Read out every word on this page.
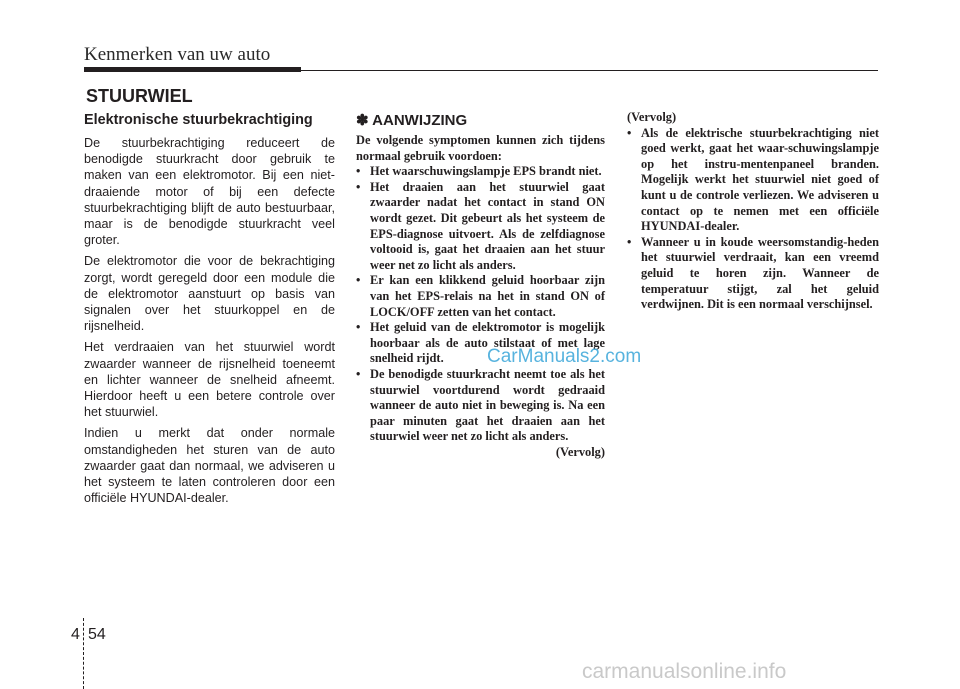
Kenmerken van uw auto
STUURWIEL
Elektronische stuurbekrachtiging

De stuurbekrachtiging reduceert de benodigde stuurkracht door gebruik te maken van een elektromotor. Bij een niet-draaiende motor of bij een defecte stuurbekrachtiging blijft de auto bestuurbaar, maar is de benodigde stuurkracht veel groter.

De elektromotor die voor de bekrachtiging zorgt, wordt geregeld door een module die de elektromotor aanstuurt op basis van signalen over het stuurkoppel en de rijsnelheid.

Het verdraaien van het stuurwiel wordt zwaarder wanneer de rijsnelheid toeneemt en lichter wanneer de snelheid afneemt. Hierdoor heeft u een betere controle over het stuurwiel.

Indien u merkt dat onder normale omstandigheden het sturen van de auto zwaarder gaat dan normaal, we adviseren u het systeem te laten controleren door een officiële HYUNDAI-dealer.

✽ AANWIJZING

De volgende symptomen kunnen zich tijdens normaal gebruik voordoen:

• Het waarschuwingslampje EPS brandt niet.
• Het draaien aan het stuurwiel gaat zwaarder nadat het contact in stand ON wordt gezet. Dit gebeurt als het systeem de EPS-diagnose uitvoert. Als de zelfdiagnose voltooid is, gaat het draaien aan het stuur weer net zo licht als anders.
• Er kan een klikkend geluid hoorbaar zijn van het EPS-relais na het in stand ON of LOCK/OFF zetten van het contact.
• Het geluid van de elektromotor is mogelijk hoorbaar als de auto stilstaat of met lage snelheid rijdt.
• De benodigde stuurkracht neemt toe als het stuurwiel voortdurend wordt gedraaid wanneer de auto niet in beweging is. Na een paar minuten gaat het draaien aan het stuurwiel weer net zo licht als anders.

(Vervolg)

(Vervolg)

• Als de elektrische stuurbekrachtiging niet goed werkt, gaat het waar-schuwingslampje op het instru-mentenpaneel branden. Mogelijk werkt het stuurwiel niet goed of kunt u de controle verliezen. We adviseren u contact op te nemen met een officiële HYUNDAI-dealer.
• Wanneer u in koude weersomstandig-heden het stuurwiel verdraait, kan een vreemd geluid te horen zijn. Wanneer de temperatuur stijgt, zal het geluid verdwijnen. Dit is een normaal verschijnsel.
CarManuals2.com
4 54
carmanualsonline.info
